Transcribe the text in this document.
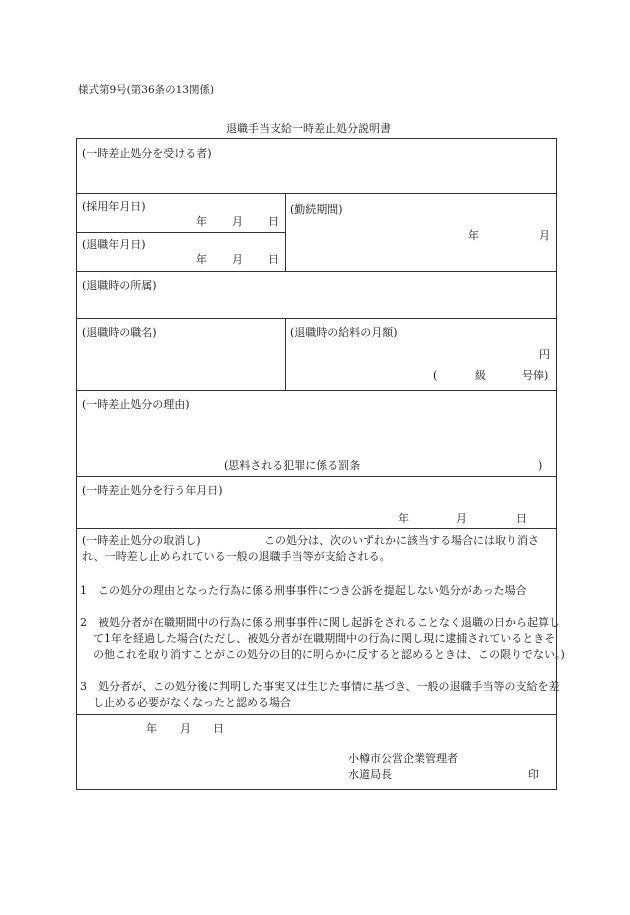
様式第9号(第36条の13関係)
退職手当支給一時差止処分説明書
(一時差止処分を受ける者)
(採用年月日)
年 月 日
(退職年月日)
年 月 日
(勤続期間)
年	月
(退職時の所属)
(退職時の職名)	(退職時の給料の月額)
円
(	級	号俸)
(一時差止処分の理由)
(思料される犯罪に係る罰条	)
(一時差止処分を行う年月日)
年	月	日
(一時差止処分の取消し)	この処分は、次のいずれかに該当する場合には取り消さ
れ、一時差し止められている一般の退職手当等が支給される。
1　この処分の理由となった行為に係る刑事事件につき公訴を提起しない処分があった場合
2　被処分者が在職期間中の行為に係る刑事事件に関し起訴をされることなく退職の日から起算して1年を経過した場合(ただし、被処分者が在職期間中の行為に関し現に逮捕されているときその他これを取り消すことがこの処分の目的に明らかに反すると認めるときは、この限りでない。)
3　処分者が、この処分後に判明した事実又は生じた事情に基づき、一般の退職手当等の支給を差し止める必要がなくなったと認める場合
年 月 日
小樽市公営企業管理者
水道局長	印
